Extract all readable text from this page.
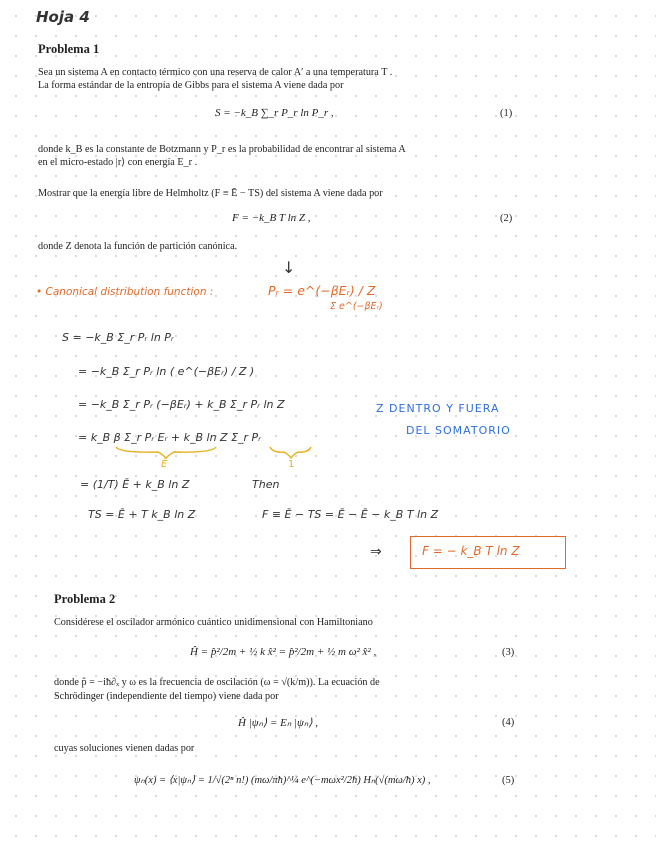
Hoja 4
Problema 1
Sea un sistema A en contacto térmico con una reserva de calor A′ a una temperatura T .
La forma estándar de la entropía de Gibbs para el sistema A viene dada por
S = −k_B ∑_r P_r ln P_r ,	(1)
donde k_B es la constante de Botzmann y P_r es la probabilidad de encontrar al sistema A
en el micro-estado |r⟩ con energía E_r .
Mostrar que la energía libre de Helmholtz (F ≡ Ē − TS) del sistema A viene dada por
F = −k_B T ln Z ,	(2)
donde Z denota la función de partición canónica.
↓
• Canonical distribution function :	Pᵣ = e^(−βEᵣ) / Z
Σ e^(−βEᵣ)
S = −k_B Σ_r Pᵣ ln Pᵣ
= −k_B Σ_r Pᵣ ln ( e^(−βEᵣ) / Z )
= −k_B Σ_r Pᵣ (−βEᵣ) + k_B Σ_r Pᵣ ln Z
= k_B β Σ_r Pᵣ Eᵣ + k_B ln Z Σ_r Pᵣ
Ē	1
= (1/T) Ē + k_B ln Z	Then
TS = Ē + T k_B ln Z	F ≡ Ē − TS = Ē − Ē − k_B T ln Z
⇒	F = − k_B T ln Z
Z DENTRO Y FUERA
DEL SOMATORIO
Problema 2
Considérese el oscilador armónico cuántico unidimensional con Hamiltoniano
Ĥ = p̂²/2m + ½ k x̂² = p̂²/2m + ½ m ω² x̂² ,	(3)
donde p̂ = −iħ∂ₓ y ω es la frecuencia de oscilación (ω = √(k/m)). La ecuación de
Schrödinger (independiente del tiempo) viene dada por
Ĥ |ψₙ⟩ = Eₙ |ψₙ⟩ ,	(4)
cuyas soluciones vienen dadas por
ψₙ(x) = ⟨x|ψₙ⟩ = 1/√(2ⁿ n!) (mω/πħ)^¼ e^(−mωx²/2ħ) Hₙ(√(mω/ħ) x) ,	(5)
